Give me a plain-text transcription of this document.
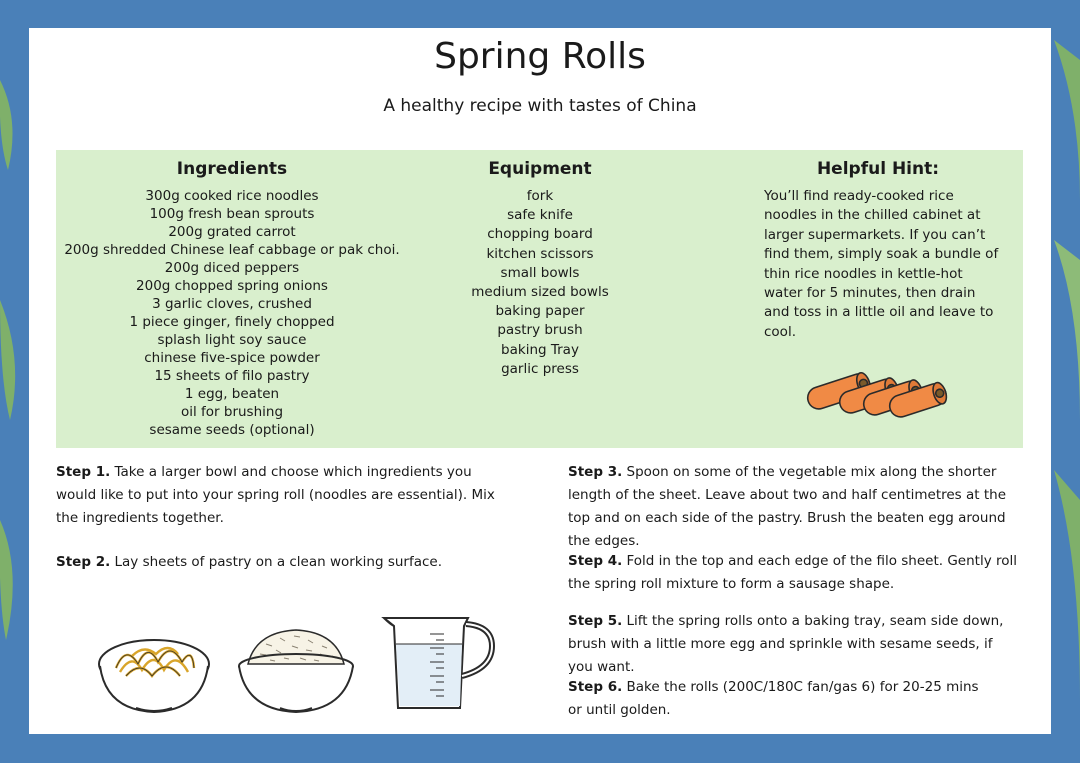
Spring Rolls
A healthy recipe with tastes of China
Ingredients
300g cooked rice noodles
100g fresh bean sprouts
200g grated carrot
200g shredded Chinese leaf cabbage or pak choi.
200g diced peppers
200g chopped spring onions
3 garlic cloves, crushed
1 piece ginger, finely chopped
splash light soy sauce
chinese five-spice powder
15 sheets of filo pastry
1 egg, beaten
oil for brushing
sesame seeds (optional)
Equipment
fork
safe knife
chopping board
kitchen scissors
small bowls
medium sized bowls
baking paper
pastry brush
baking Tray
garlic press
Helpful Hint:

You’ll find ready-cooked rice noodles in the chilled cabinet at larger supermarkets. If you can’t find them, simply soak a bundle of thin rice noodles in kettle-hot water for 5 minutes, then drain and toss in a little oil and leave to cool.

Step 1. Take a larger bowl and choose which ingredients you would like to put into your spring roll (noodles are essential). Mix the ingredients together.
Step 2. Lay sheets of pastry on a clean working surface.
Step 3. Spoon on some of the vegetable mix along the shorter length of the sheet. Leave about two and half centimetres at the top and on each side of the pastry. Brush the beaten egg around the edges.
Step 4. Fold in the top and each edge of the filo sheet. Gently roll the spring roll mixture to form a sausage shape.
Step 5. Lift the spring rolls onto a baking tray, seam side down, brush with a little more egg and sprinkle with sesame seeds, if you want.
Step 6. Bake the rolls (200C/180C fan/gas 6) for 20-25 mins or until golden.
